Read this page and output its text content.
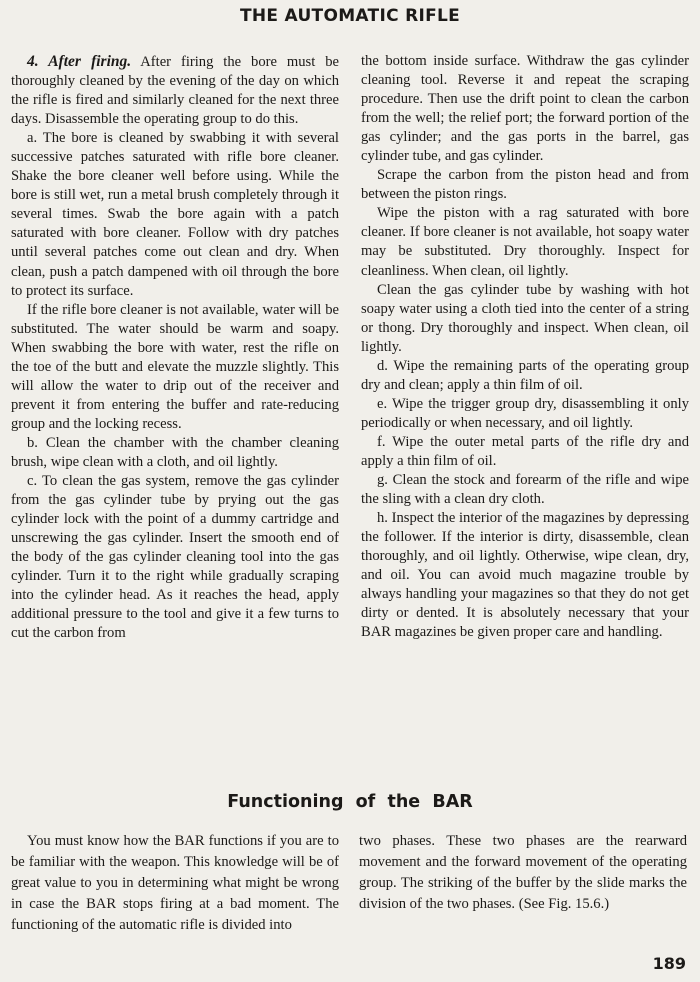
THE AUTOMATIC RIFLE

4. After firing. After firing the bore must be thoroughly cleaned by the evening of the day on which the rifle is fired and similarly cleaned for the next three days. Disassemble the operating group to do this.

a. The bore is cleaned by swabbing it with several successive patches saturated with rifle bore cleaner. Shake the bore cleaner well before using. While the bore is still wet, run a metal brush completely through it several times. Swab the bore again with a patch saturated with bore cleaner. Follow with dry patches until several patches come out clean and dry. When clean, push a patch dampened with oil through the bore to protect its surface.

If the rifle bore cleaner is not available, water will be substituted. The water should be warm and soapy. When swabbing the bore with water, rest the rifle on the toe of the butt and elevate the muzzle slightly. This will allow the water to drip out of the receiver and prevent it from entering the buffer and rate-reducing group and the locking recess.

b. Clean the chamber with the chamber cleaning brush, wipe clean with a cloth, and oil lightly.

c. To clean the gas system, remove the gas cylinder from the gas cylinder tube by prying out the gas cylinder lock with the point of a dummy cartridge and unscrewing the gas cylinder. Insert the smooth end of the body of the gas cylinder cleaning tool into the gas cylinder. Turn it to the right while gradually scraping into the cylinder head. As it reaches the head, apply additional pressure to the tool and give it a few turns to cut the carbon from

the bottom inside surface. Withdraw the gas cylinder cleaning tool. Reverse it and repeat the scraping procedure. Then use the drift point to clean the carbon from the well; the relief port; the forward portion of the gas cylinder; and the gas ports in the barrel, gas cylinder tube, and gas cylinder.

Scrape the carbon from the piston head and from between the piston rings.

Wipe the piston with a rag saturated with bore cleaner. If bore cleaner is not available, hot soapy water may be substituted. Dry thoroughly. Inspect for cleanliness. When clean, oil lightly.

Clean the gas cylinder tube by washing with hot soapy water using a cloth tied into the center of a string or thong. Dry thoroughly and inspect. When clean, oil lightly.

d. Wipe the remaining parts of the operating group dry and clean; apply a thin film of oil.

e. Wipe the trigger group dry, disassembling it only periodically or when necessary, and oil lightly.

f. Wipe the outer metal parts of the rifle dry and apply a thin film of oil.

g. Clean the stock and forearm of the rifle and wipe the sling with a clean dry cloth.

h. Inspect the interior of the magazines by depressing the follower. If the interior is dirty, disassemble, clean thoroughly, and oil lightly. Otherwise, wipe clean, dry, and oil. You can avoid much magazine trouble by always handling your magazines so that they do not get dirty or dented. It is absolutely necessary that your BAR magazines be given proper care and handling.

Functioning  of  the  BAR

You must know how the BAR functions if you are to be familiar with the weapon. This knowledge will be of great value to you in determining what might be wrong in case the BAR stops firing at a bad moment. The functioning of the automatic rifle is divided into

two phases. These two phases are the rearward movement and the forward movement of the operating group. The striking of the buffer by the slide marks the division of the two phases. (See Fig. 15.6.)

189
